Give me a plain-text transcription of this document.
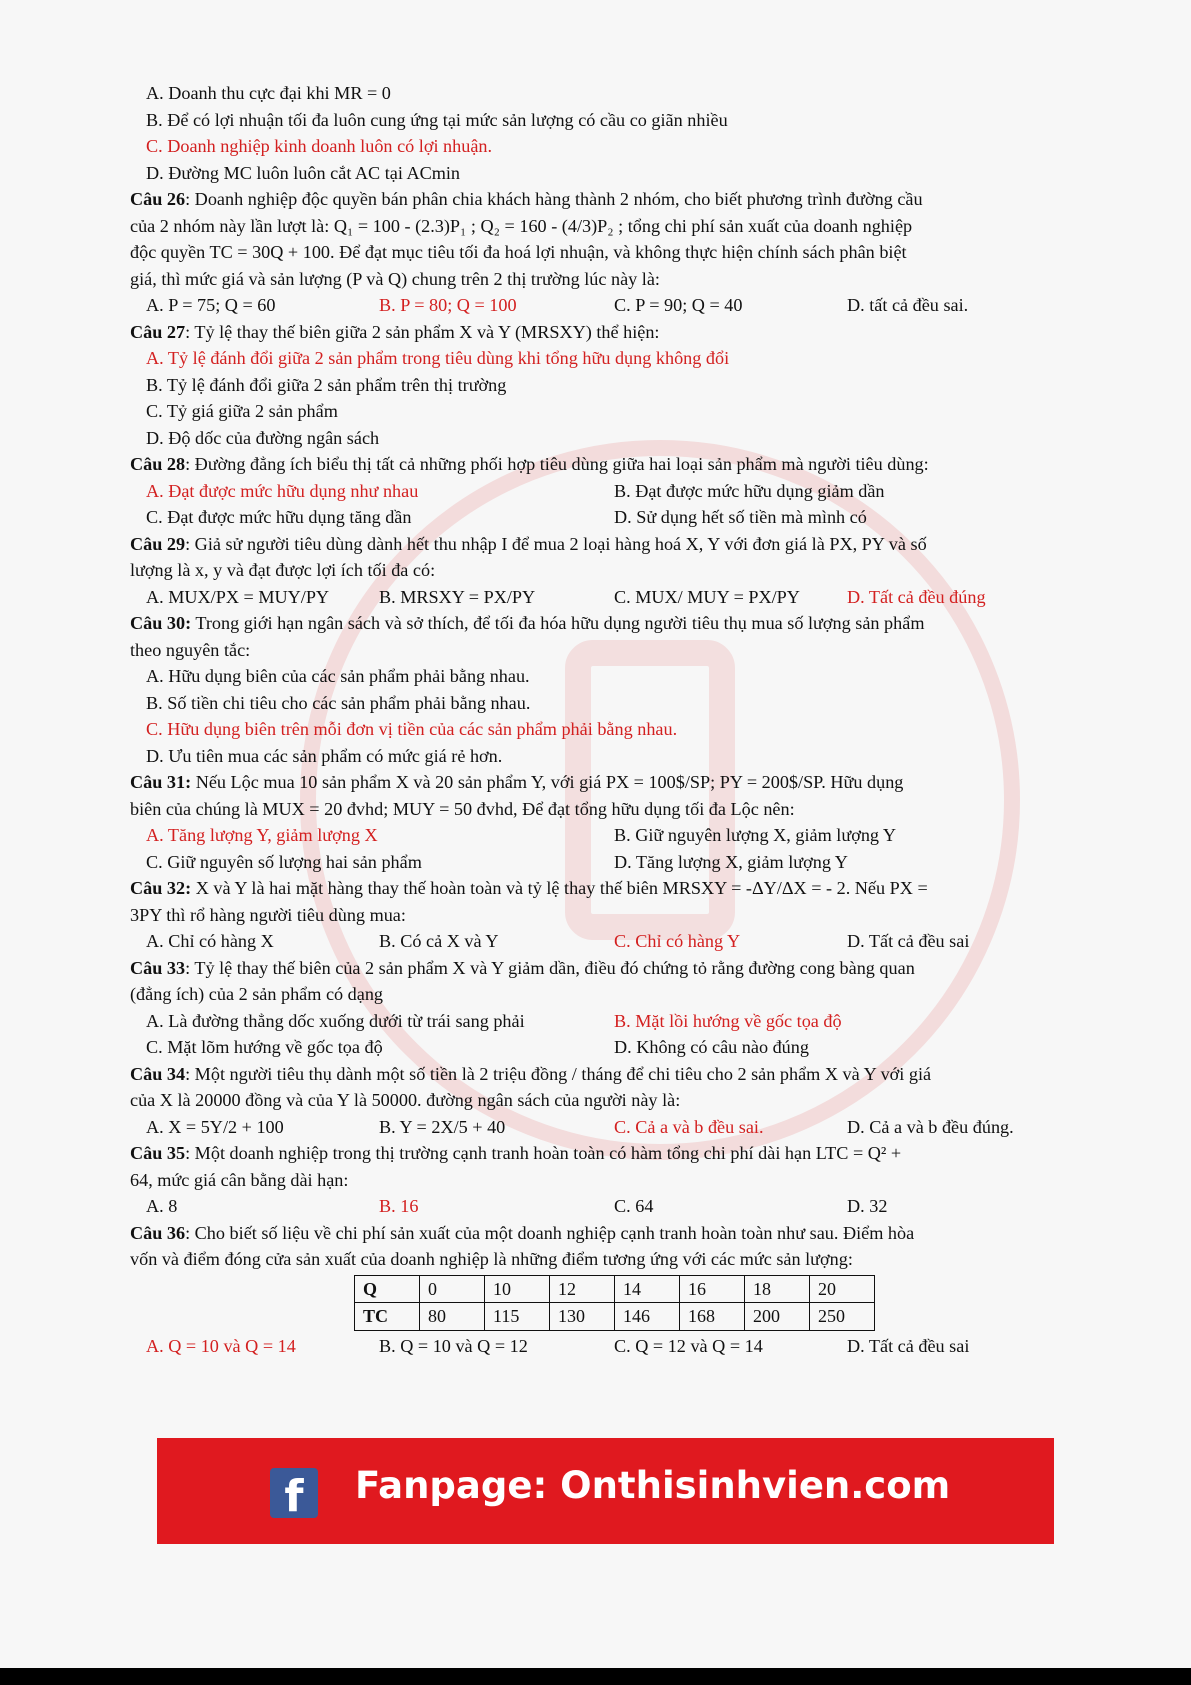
A. Doanh thu cực đại khi MR = 0
B. Để có lợi nhuận tối đa luôn cung ứng tại mức sản lượng có cầu co giãn nhiều
C. Doanh nghiệp kinh doanh luôn có lợi nhuận.
D. Đường MC luôn luôn cắt AC tại ACmin
Câu 26: Doanh nghiệp độc quyền bán phân chia khách hàng thành 2 nhóm, cho biết phương trình đường cầu
của 2 nhóm này lần lượt là: Q₁ = 100 - (2.3)P₁ ; Q₂ = 160 - (4/3)P₂ ; tổng chi phí sản xuất của doanh nghiệp
độc quyền TC = 30Q + 100. Để đạt mục tiêu tối đa hoá lợi nhuận, và không thực hiện chính sách phân biệt
giá, thì mức giá và sản lượng (P và Q) chung trên 2 thị trường lúc này là:
A. P = 75; Q = 60	B. P = 80; Q = 100	C. P = 90; Q = 40	D. tất cả đều sai.
Câu 27: Tỷ lệ thay thế biên giữa 2 sản phẩm X và Y (MRSXY) thể hiện:
A. Tỷ lệ đánh đổi giữa 2 sản phẩm trong tiêu dùng khi tổng hữu dụng không đổi
B. Tỷ lệ đánh đổi giữa 2 sản phẩm trên thị trường
C. Tỷ giá giữa 2 sản phẩm
D. Độ dốc của đường ngân sách
Câu 28: Đường đẳng ích biểu thị tất cả những phối hợp tiêu dùng giữa hai loại sản phẩm mà người tiêu dùng:
A. Đạt được mức hữu dụng như nhau	B. Đạt được mức hữu dụng giảm dần
C. Đạt được mức hữu dụng tăng dần	D. Sử dụng hết số tiền mà mình có
Câu 29: Giả sử người tiêu dùng dành hết thu nhập I để mua 2 loại hàng hoá X, Y với đơn giá là PX, PY và số
lượng là x, y và đạt được lợi ích tối đa có:
A. MUX/PX = MUY/PY	B. MRSXY = PX/PY	C. MUX/ MUY = PX/PY	D. Tất cả đều đúng
Câu 30: Trong giới hạn ngân sách và sở thích, để tối đa hóa hữu dụng người tiêu thụ mua số lượng sản phẩm
theo nguyên tắc:
A. Hữu dụng biên của các sản phẩm phải bằng nhau.
B. Số tiền chi tiêu cho các sản phẩm phải bằng nhau.
C. Hữu dụng biên trên mỗi đơn vị tiền của các sản phẩm phải bằng nhau.
D. Ưu tiên mua các sản phẩm có mức giá rẻ hơn.
Câu 31: Nếu Lộc mua 10 sản phẩm X và 20 sản phẩm Y, với giá PX = 100$/SP; PY = 200$/SP. Hữu dụng
biên của chúng là MUX = 20 đvhd; MUY = 50 đvhd, Để đạt tổng hữu dụng tối đa Lộc nên:
A. Tăng lượng Y, giảm lượng X	B. Giữ nguyên lượng X, giảm lượng Y
C. Giữ nguyên số lượng hai sản phẩm	D. Tăng lượng X, giảm lượng Y
Câu 32: X và Y là hai mặt hàng thay thế hoàn toàn và tỷ lệ thay thế biên MRSXY = -ΔY/ΔX = - 2. Nếu PX =
3PY thì rổ hàng người tiêu dùng mua:
A. Chỉ có hàng X	B. Có cả X và Y	C. Chỉ có hàng Y	D. Tất cả đều sai
Câu 33: Tỷ lệ thay thế biên của 2 sản phẩm X và Y giảm dần, điều đó chứng tỏ rằng đường cong bàng quan
(đẳng ích) của 2 sản phẩm có dạng
A. Là đường thẳng dốc xuống dưới từ trái sang phải	B. Mặt lồi hướng về gốc tọa độ
C. Mặt lõm hướng về gốc tọa độ	D. Không có câu nào đúng
Câu 34: Một người tiêu thụ dành một số tiền là 2 triệu đồng / tháng để chi tiêu cho 2 sản phẩm X và Y với giá
của X là 20000 đồng và của Y là 50000. đường ngân sách của người này là:
A. X = 5Y/2 + 100	B. Y = 2X/5 + 40	C. Cả a và b đều sai.	D. Cả a và b đều đúng.
Câu 35: Một doanh nghiệp trong thị trường cạnh tranh hoàn toàn có hàm tổng chi phí dài hạn LTC = Q² +
64, mức giá cân bằng dài hạn:
A. 8	B. 16	C. 64	D. 32
Câu 36: Cho biết số liệu về chi phí sản xuất của một doanh nghiệp cạnh tranh hoàn toàn như sau. Điểm hòa
vốn và điểm đóng cửa sản xuất của doanh nghiệp là những điểm tương ứng với các mức sản lượng:
Q	0	10	12	14	16	18	20
TC	80	115	130	146	168	200	250
A. Q = 10 và Q = 14	B. Q = 10 và Q = 12	C. Q = 12 và Q = 14	D. Tất cả đều sai
f	Fanpage: Onthisinhvien.com
